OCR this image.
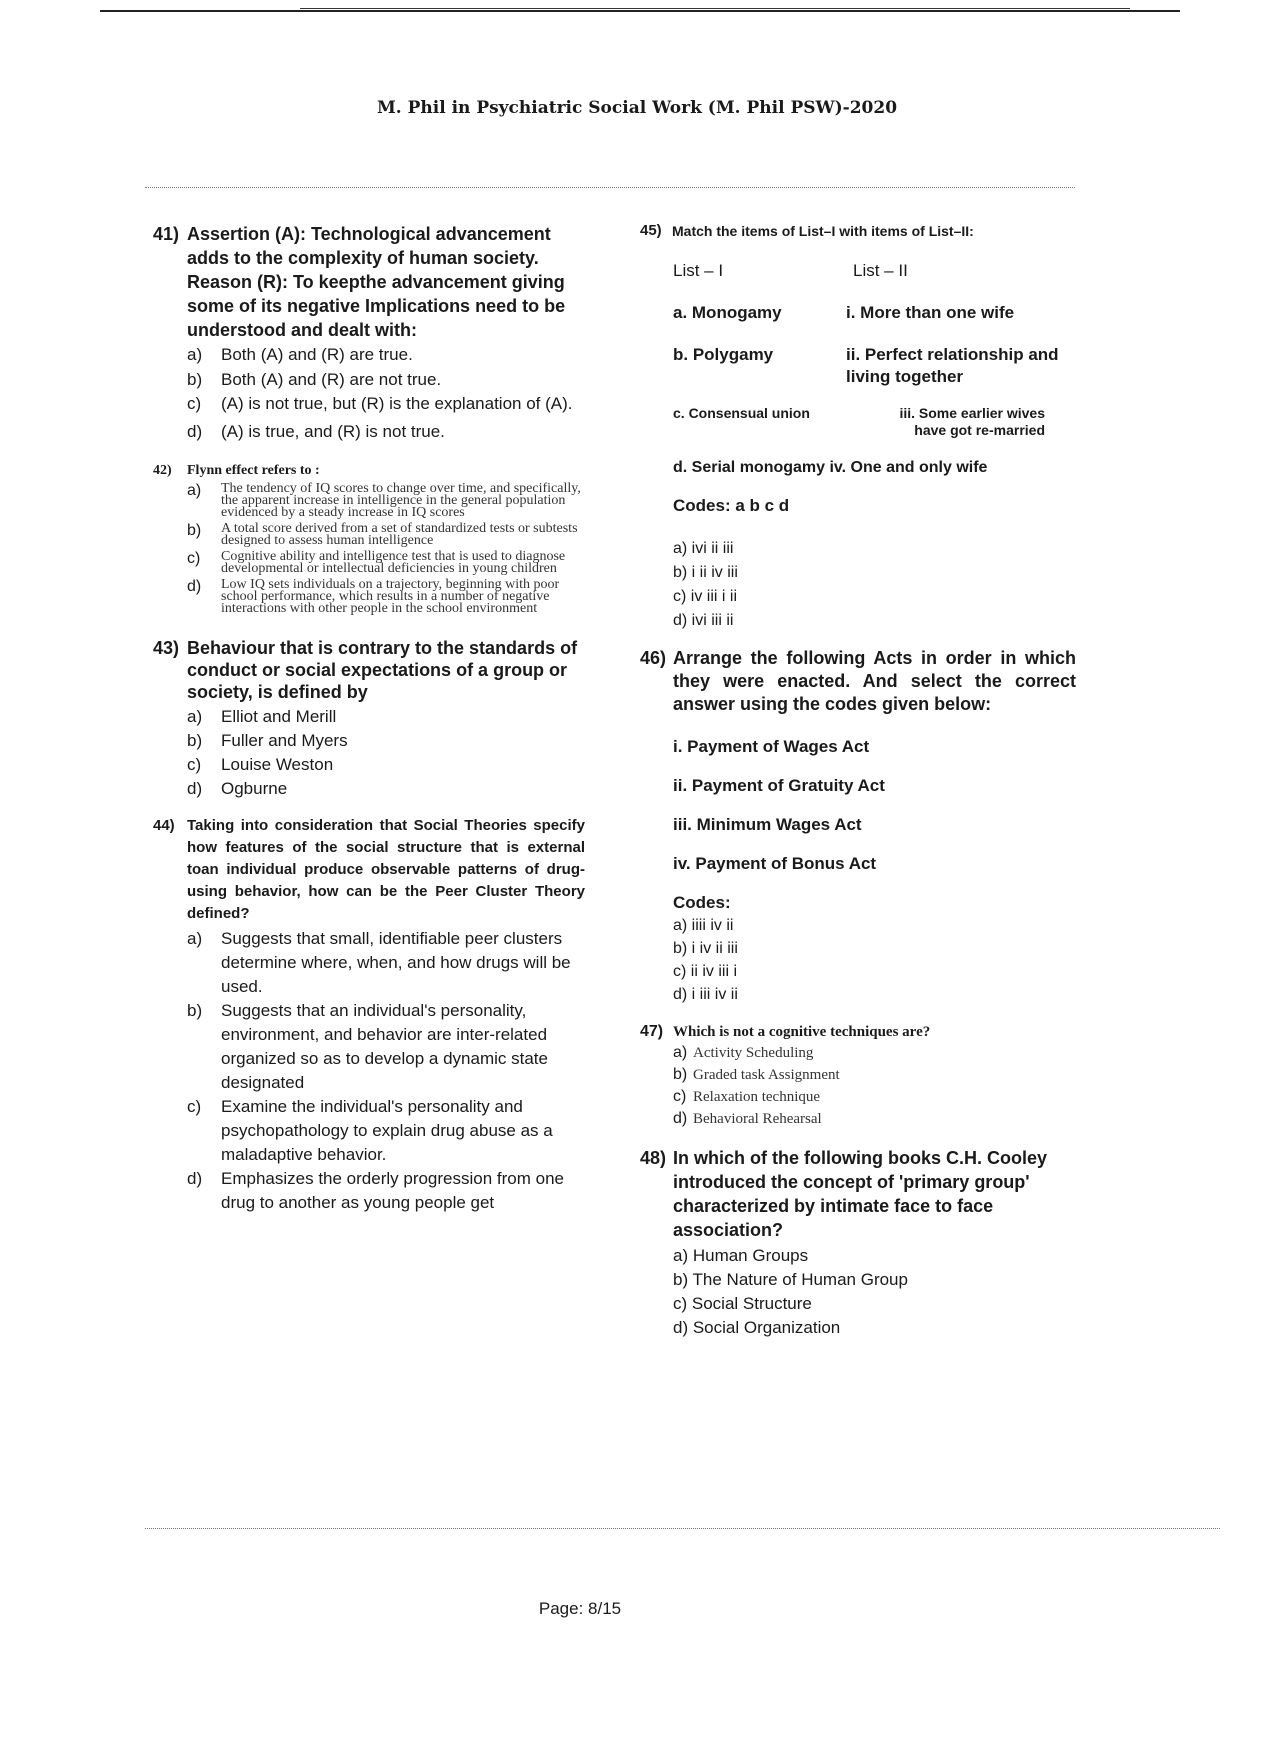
M. Phil in Psychiatric Social Work (M. Phil PSW)-2020
41) Assertion (A): Technological advancement adds to the complexity of human society. Reason (R): To keepthe advancement giving some of its negative Implications need to be understood and dealt with:
a)	Both (A) and (R) are true.
b)	Both (A) and (R) are not true.
c)	(A) is not true, but (R) is the explanation of (A).
d)	(A) is true, and (R) is not true.
42)	Flynn effect refers to :
a)	The tendency of IQ scores to change over time, and specifically, the apparent increase in intelligence in the general population evidenced by a steady increase in IQ scores
b)	A total score derived from a set of standardized tests or subtests designed to assess human intelligence
c)	Cognitive ability and intelligence test that is used to diagnose developmental or intellectual deficiencies in young children
d)	Low IQ sets individuals on a trajectory, beginning with poor school performance, which results in a number of negative interactions with other people in the school environment
43) Behaviour that is contrary to the standards of conduct or social expectations of a group or society, is defined by
a)	Elliot and Merill
b)	Fuller and Myers
c)	Louise Weston
d)	Ogburne
44) Taking into consideration that Social Theories specify how features of the social structure that is external toan individual produce observable patterns of drug-using behavior, how can be the Peer Cluster Theory defined?
a)	Suggests that small, identifiable peer clusters determine where, when, and how drugs will be used.
b)	Suggests that an individual's personality, environment, and behavior are inter-related organized so as to develop a dynamic state designated
c)	Examine the individual's personality and psychopathology to explain drug abuse as a maladaptive behavior.
d)	Emphasizes the orderly progression from one drug to another as young people get
45) Match the items of List–I with items of List–II:
List – I	List – II
a. Monogamy	i. More than one wife
b. Polygamy	ii. Perfect relationship and living together
c. Consensual union	iii. Some earlier wives have got re-married
d. Serial monogamy iv. One and only wife
Codes: a b c d
a) ivi ii iii
b) i ii iv iii
c) iv iii i ii
d) ivi iii ii
46) Arrange the following Acts in order in which they were enacted. And select the correct answer using the codes given below:
i. Payment of Wages Act
ii. Payment of Gratuity Act
iii. Minimum Wages Act
iv. Payment of Bonus Act
Codes:
a) iiii iv ii
b) i iv ii iii
c) ii iv iii i
d) i iii iv ii
47) Which is not a cognitive techniques are?
a) Activity Scheduling
b) Graded task Assignment
c) Relaxation technique
d) Behavioral Rehearsal
48) In which of the following books C.H. Cooley introduced the concept of 'primary group' characterized by intimate face to face association?
a) Human Groups
b) The Nature of Human Group
c) Social Structure
d) Social Organization
Page: 8/15
